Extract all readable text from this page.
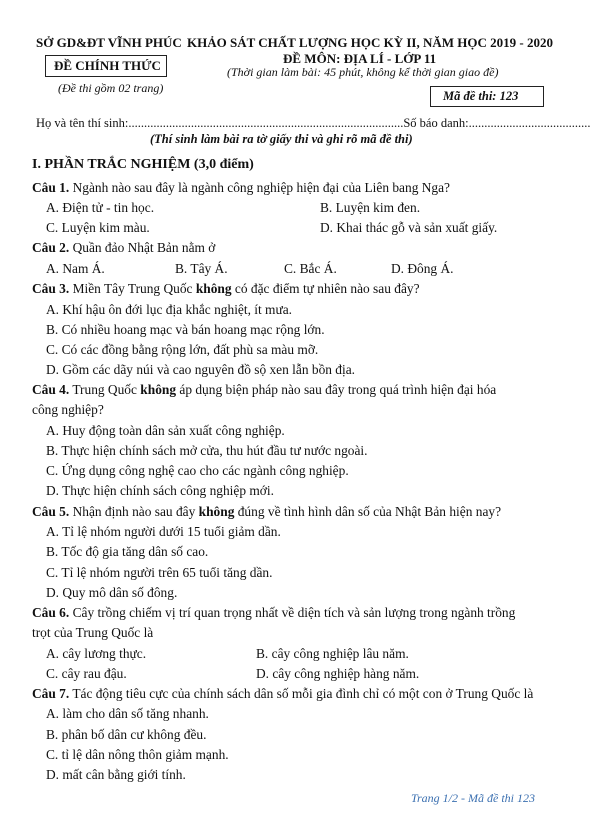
SỞ GD&ĐT VĨNH PHÚC
ĐỀ CHÍNH THỨC
(Đề thi gồm 02 trang)
KHẢO SÁT CHẤT LƯỢNG HỌC KỲ II, NĂM HỌC 2019 - 2020
ĐỀ MÔN: ĐỊA LÍ - LỚP 11
(Thời gian làm bài: 45 phút, không kể thời gian giao đề)
Mã đề thi: 123
Họ và tên thí sinh:........................................................................................Số báo danh:.......................................
(Thí sinh làm bài ra tờ giấy thi và ghi rõ mã đề thi)
I. PHẦN TRẮC NGHIỆM (3,0 điểm)
Câu 1. Ngành nào sau đây là ngành công nghiệp hiện đại của Liên bang Nga?
A. Điện tử - tin học.	B. Luyện kim đen.
C. Luyện kim màu.	D. Khai thác gỗ và sản xuất giấy.
Câu 2. Quần đảo Nhật Bản nằm ở
A. Nam Á.	B. Tây Á.	C. Bắc Á.	D. Đông Á.
Câu 3. Miền Tây Trung Quốc không có đặc điểm tự nhiên nào sau đây?
A. Khí hậu ôn đới lục địa khắc nghiệt, ít mưa.
B. Có nhiều hoang mạc và bán hoang mạc rộng lớn.
C. Có các đồng bằng rộng lớn, đất phù sa màu mỡ.
D. Gồm các dãy núi và cao nguyên đồ sộ xen lẫn bồn địa.
Câu 4. Trung Quốc không áp dụng biện pháp nào sau đây trong quá trình hiện đại hóa
công nghiệp?
A. Huy động toàn dân sản xuất công nghiệp.
B. Thực hiện chính sách mở cửa, thu hút đầu tư nước ngoài.
C. Ứng dụng công nghệ cao cho các ngành công nghiệp.
D. Thực hiện chính sách công nghiệp mới.
Câu 5. Nhận định nào sau đây không đúng về tình hình dân số của Nhật Bản hiện nay?
A. Tỉ lệ nhóm người dưới 15 tuổi giảm dần.
B. Tốc độ gia tăng dân số cao.
C. Tỉ lệ nhóm người trên 65 tuổi tăng dần.
D. Quy mô dân số đông.
Câu 6. Cây trồng chiếm vị trí quan trọng nhất về diện tích và sản lượng trong ngành trồng
trọt của Trung Quốc là
A. cây lương thực.	B. cây công nghiệp lâu năm.
C. cây rau đậu.	D. cây công nghiệp hàng năm.
Câu 7. Tác động tiêu cực của chính sách dân số mỗi gia đình chỉ có một con ở Trung Quốc là
A. làm cho dân số tăng nhanh.
B. phân bố dân cư không đều.
C. tỉ lệ dân nông thôn giảm mạnh.
D. mất cân bằng giới tính.
Trang 1/2 - Mã đề thi 123
